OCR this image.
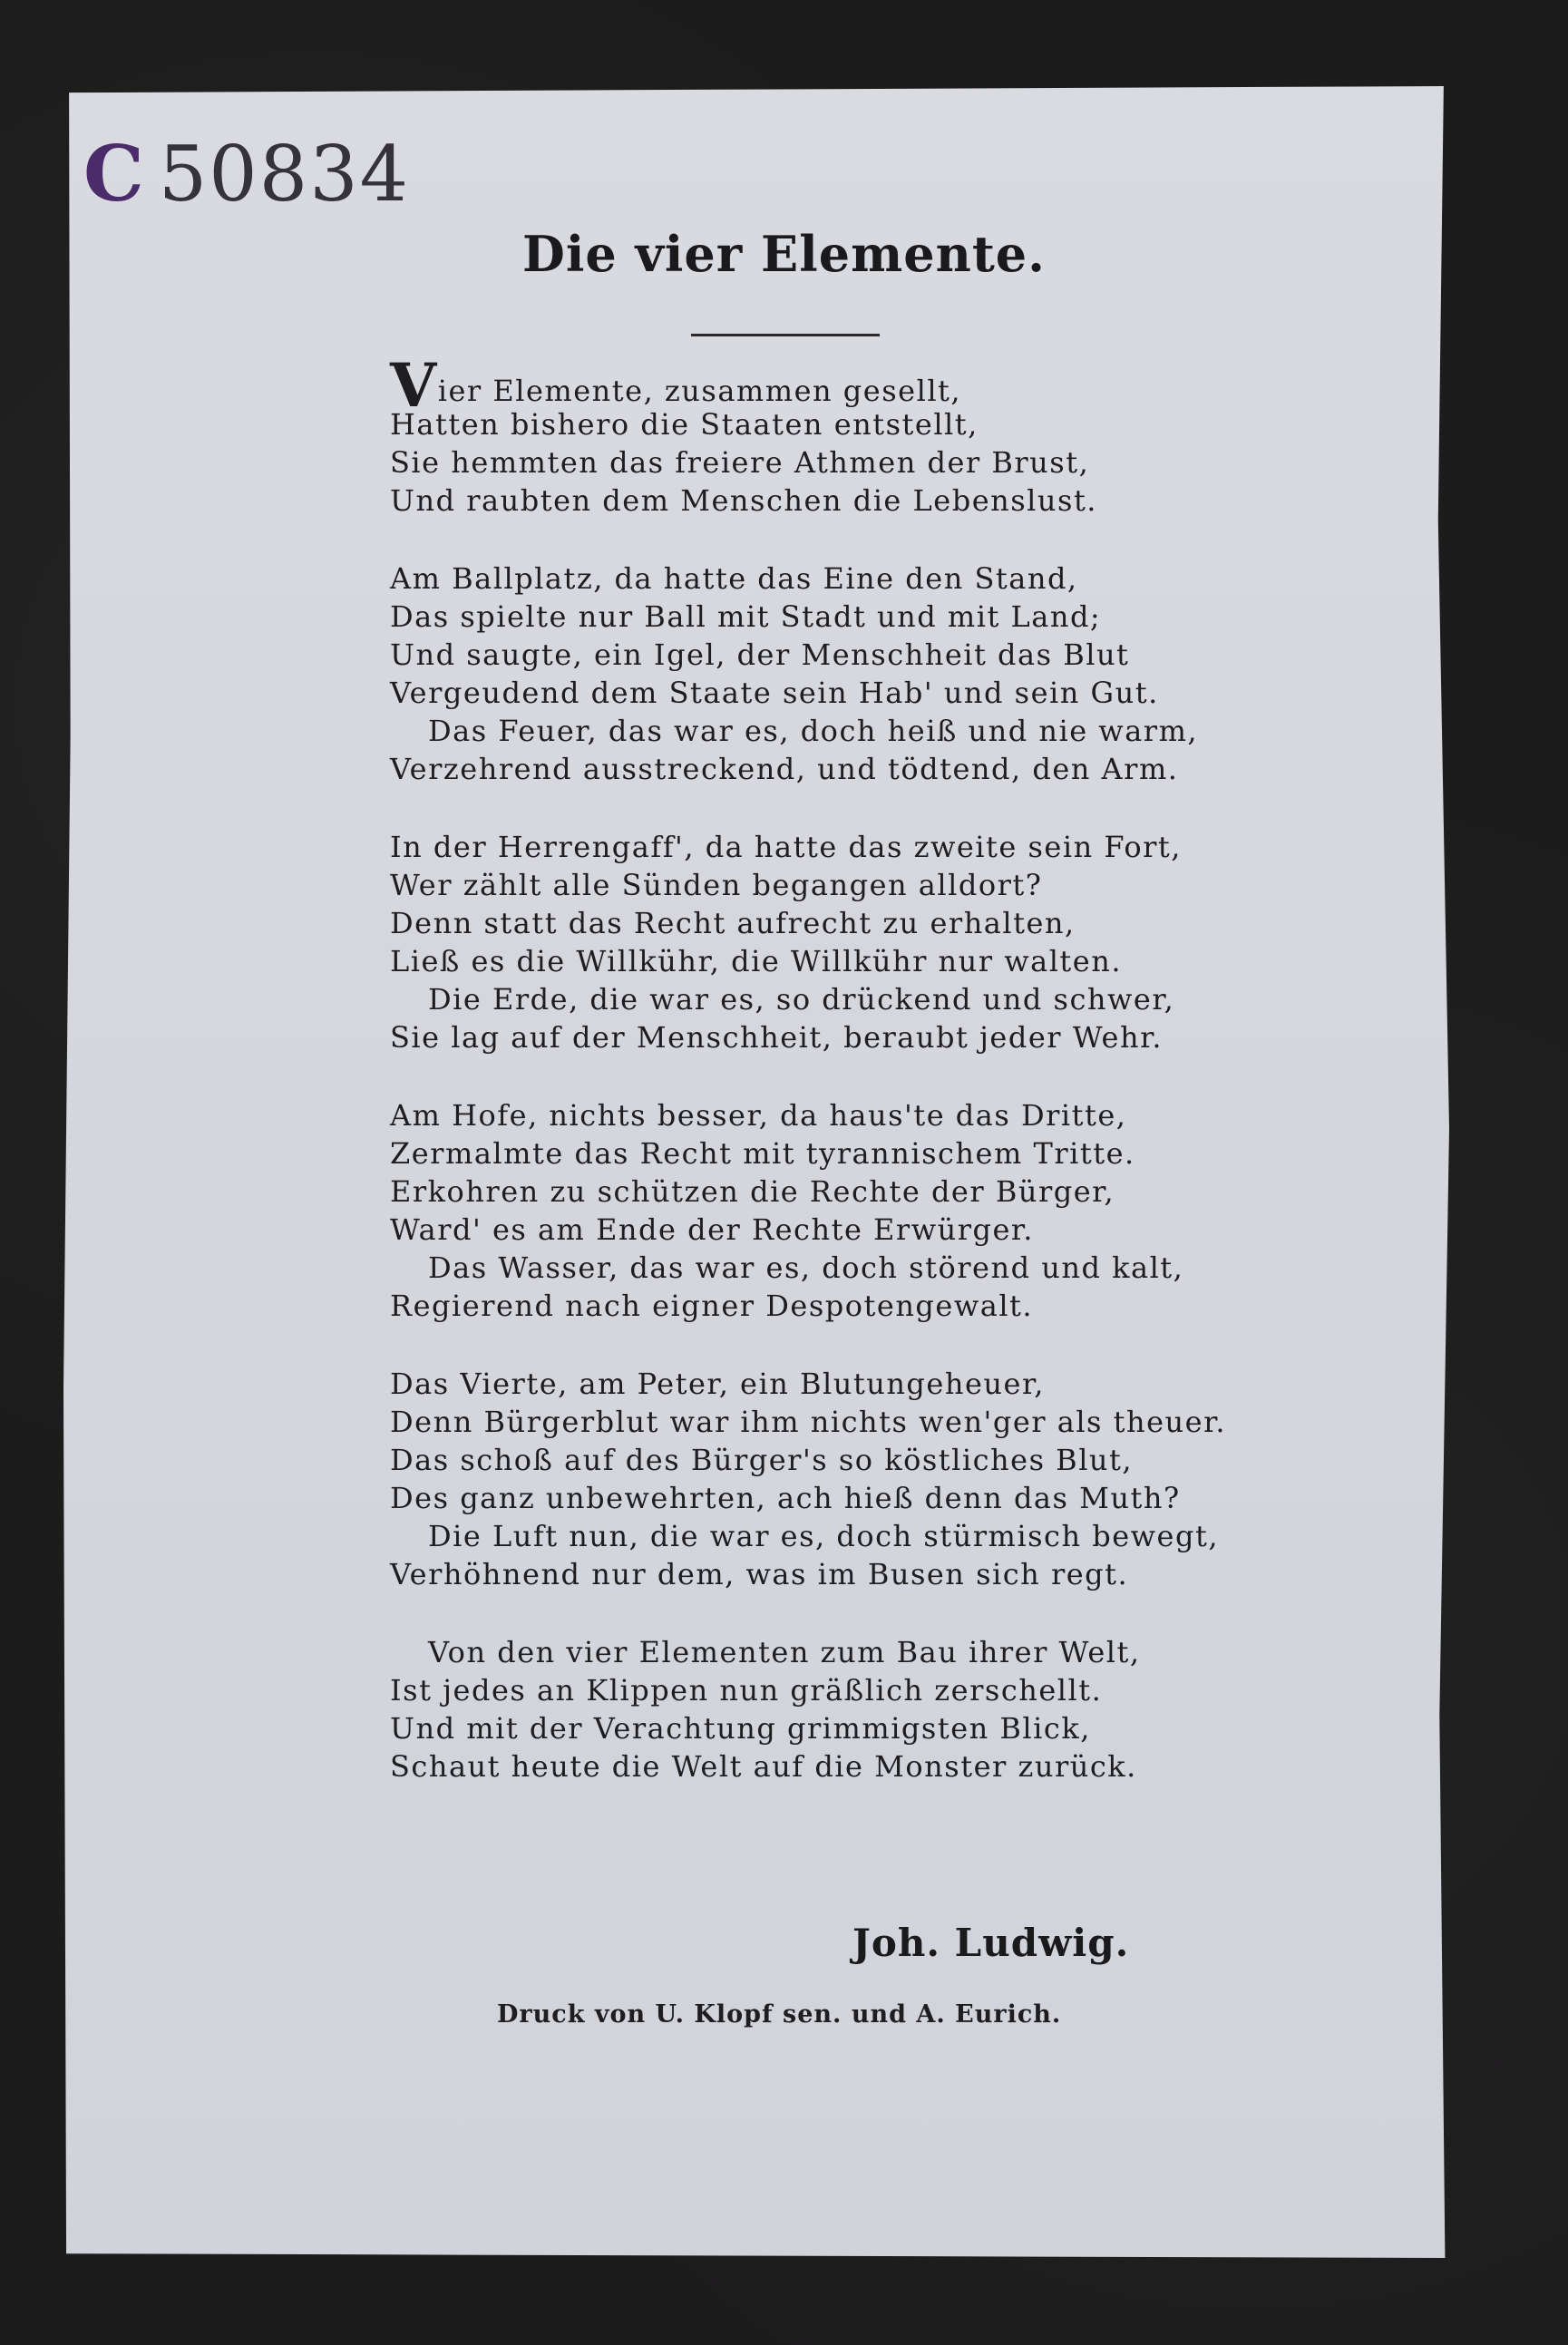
C 50834
Die vier Elemente.
Vier Elemente, zusammen gesellt,
Hatten bishero die Staaten entstellt,
Sie hemmten das freiere Athmen der Brust,
Und raubten dem Menschen die Lebenslust.
Am Ballplatz, da hatte das Eine den Stand,
Das spielte nur Ball mit Stadt und mit Land;
Und saugte, ein Igel, der Menschheit das Blut
Vergeudend dem Staate sein Hab' und sein Gut.
Das Feuer, das war es, doch heiß und nie warm,
Verzehrend ausstreckend, und tödtend, den Arm.
In der Herrengaff', da hatte das zweite sein Fort,
Wer zählt alle Sünden begangen alldort?
Denn statt das Recht aufrecht zu erhalten,
Ließ es die Willkühr, die Willkühr nur walten.
Die Erde, die war es, so drückend und schwer,
Sie lag auf der Menschheit, beraubt jeder Wehr.
Am Hofe, nichts besser, da haus'te das Dritte,
Zermalmte das Recht mit tyrannischem Tritte.
Erkohren zu schützen die Rechte der Bürger,
Ward' es am Ende der Rechte Erwürger.
Das Wasser, das war es, doch störend und kalt,
Regierend nach eigner Despotengewalt.
Das Vierte, am Peter, ein Blutungeheuer,
Denn Bürgerblut war ihm nichts wen'ger als theuer.
Das schoß auf des Bürger's so köstliches Blut,
Des ganz unbewehrten, ach hieß denn das Muth?
Die Luft nun, die war es, doch stürmisch bewegt,
Verhöhnend nur dem, was im Busen sich regt.
Von den vier Elementen zum Bau ihrer Welt,
Ist jedes an Klippen nun gräßlich zerschellt.
Und mit der Verachtung grimmigsten Blick,
Schaut heute die Welt auf die Monster zurück.
Joh. Ludwig.
Druck von U. Klopf sen. und A. Eurich.
